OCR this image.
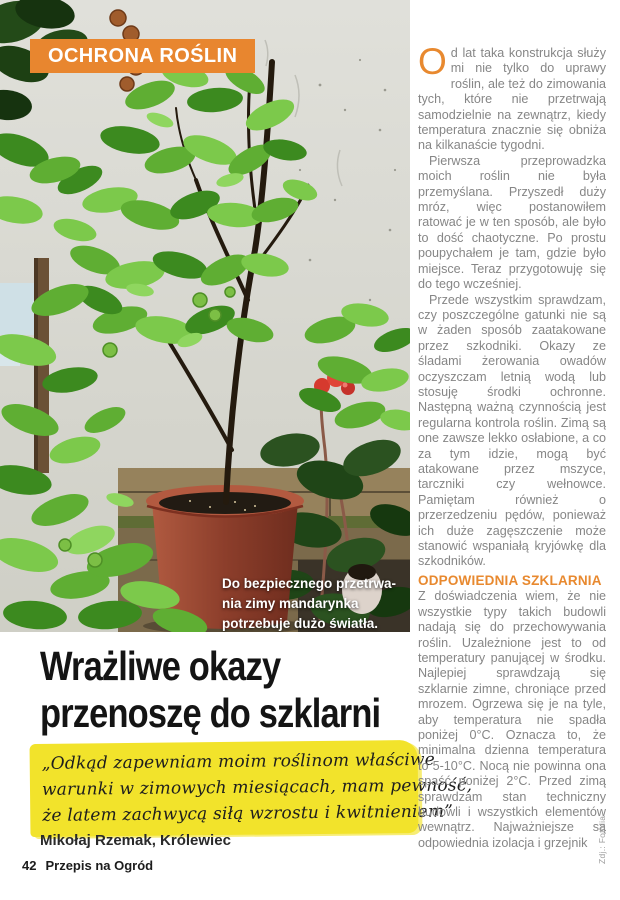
OCHRONA ROŚLIN
Do bezpiecznego przetrwa-
nia zimy mandarynka
potrzebuje dużo światła.
Wrażliwe okazy
przenoszę do szklarni
„Odkąd zapewniam moim roślinom właściwe
warunki w zimowych miesiącach, mam pewność,
że latem zachwycą siłą wzrostu i kwitnieniem”
Mikołaj Rzemak, Królewiec
42 Przepis na Ogród

Od lat taka konstrukcja służy mi nie tylko do uprawy roślin, ale też do zimowania tych, które nie przetrwają samodzielnie na zewnątrz, kiedy temperatura znacznie się obniża na kilkanaście tygodni.

Pierwsza przeprowadzka moich roślin nie była przemyślana. Przyszedł duży mróz, więc postanowiłem ratować je w ten sposób, ale było to dość chaotyczne. Po prostu poupychałem je tam, gdzie było miejsce. Teraz przygotowuję się do tego wcześniej.

Przede wszystkim sprawdzam, czy poszczególne gatunki nie są w żaden sposób zaatakowane przez szkodniki. Okazy ze śladami żerowania owadów oczyszczam letnią wodą lub stosuję środki ochronne. Następną ważną czynnością jest regularna kontrola roślin. Zimą są one zawsze lekko osłabione, a co za tym idzie, mogą być atakowane przez mszyce, tarczniki czy wełnowce. Pamiętam również o przerzedzeniu pędów, ponieważ ich duże zagęszczenie może stanowić wspaniałą kryjówkę dla szkodników.

ODPOWIEDNIA SZKLARNIA

Z doświadczenia wiem, że nie wszystkie typy takich budowli nadają się do przechowywania roślin. Uzależnione jest to od temperatury panującej w środku. Najlepiej sprawdzają się szklarnie zimne, chroniące przed mrozem. Ogrzewa się je na tyle, aby temperatura nie spadła poniżej 0°C. Oznacza to, że minimalna dzienna temperatura to 5-10°C. Nocą nie powinna ona spaść poniżej 2°C. Przed zimą sprawdzam stan techniczny budowli i wszystkich elementów wewnątrz. Najważniejsze są odpowiednia izolacja i grzejnik	Zdj.: Fotolia
